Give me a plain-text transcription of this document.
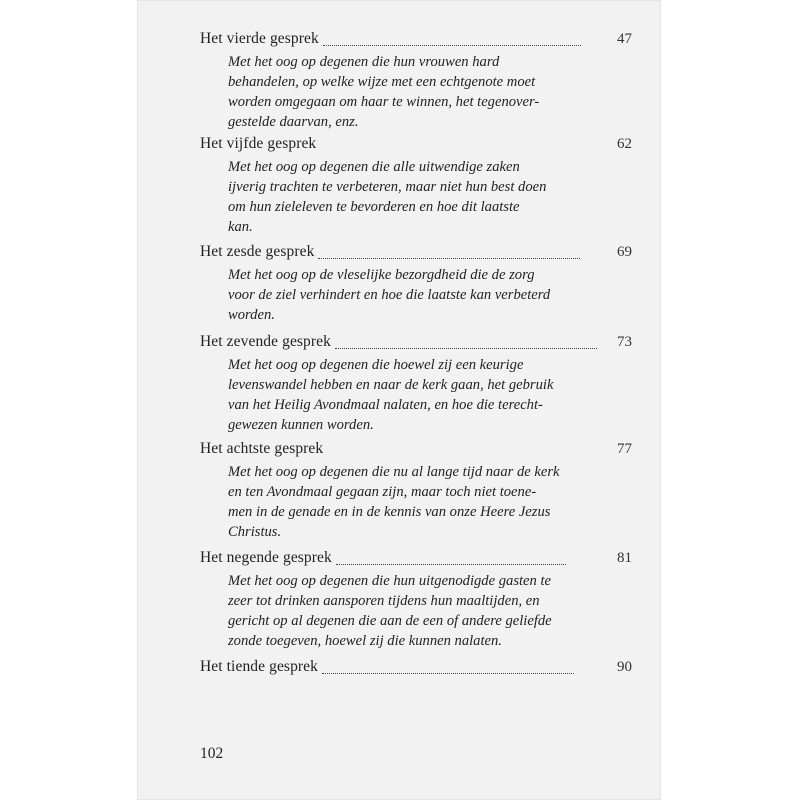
Het vierde gesprek	47
Met het oog op degenen die hun vrouwen hard
behandelen, op welke wijze met een echtgenote moet
worden omgegaan om haar te winnen, het tegenover-
gestelde daarvan, enz.
Het vijfde gesprek	62
Met het oog op degenen die alle uitwendige zaken
ijverig trachten te verbeteren, maar niet hun best doen
om hun zieleleven te bevorderen en hoe dit laatste
kan.
Het zesde gesprek	69
Met het oog op de vleselijke bezorgdheid die de zorg
voor de ziel verhindert en hoe die laatste kan verbeterd
worden.
Het zevende gesprek	73
Met het oog op degenen die hoewel zij een keurige
levenswandel hebben en naar de kerk gaan, het gebruik
van het Heilig Avondmaal nalaten, en hoe die terecht-
gewezen kunnen worden.
Het achtste gesprek	77
Met het oog op degenen die nu al lange tijd naar de kerk
en ten Avondmaal gegaan zijn, maar toch niet toene-
men in de genade en in de kennis van onze Heere Jezus
Christus.
Het negende gesprek	81
Met het oog op degenen die hun uitgenodigde gasten te
zeer tot drinken aansporen tijdens hun maaltijden, en
gericht op al degenen die aan de een of andere geliefde
zonde toegeven, hoewel zij die kunnen nalaten.
Het tiende gesprek	90
102
